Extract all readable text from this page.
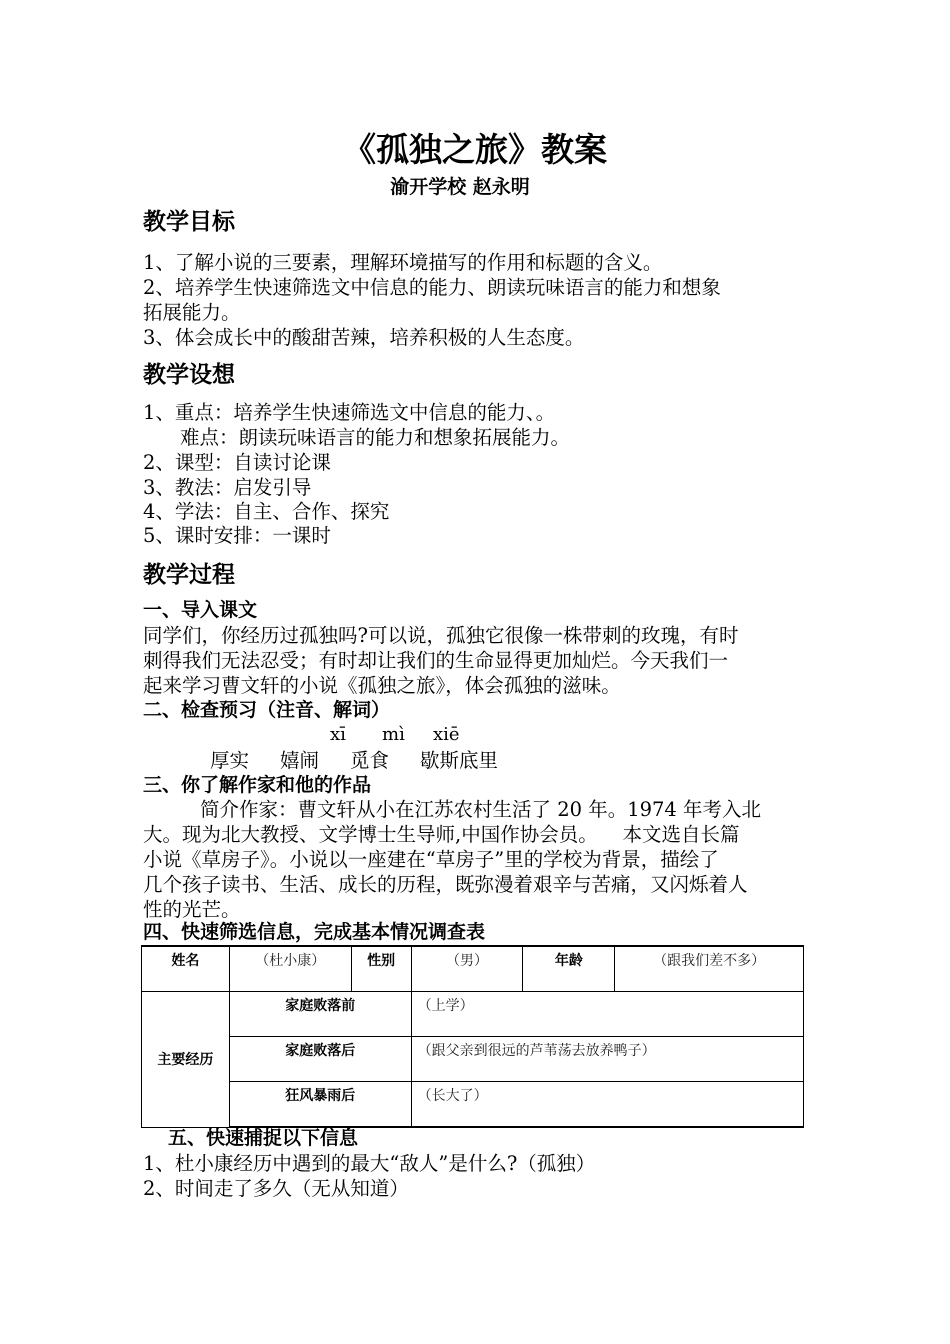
《孤独之旅》教案
渝开学校 赵永明
教学目标
1、了解小说的三要素，理解环境描写的作用和标题的含义。
2、培养学生快速筛选文中信息的能力、朗读玩味语言的能力和想象
拓展能力。
3、体会成长中的酸甜苦辣，培养积极的人生态度。
教学设想
1、重点：培养学生快速筛选文中信息的能力、。
难点：朗读玩味语言的能力和想象拓展能力。
2、课型：自读讨论课
3、教法：启发引导
4、学法：自主、合作、探究
5、课时安排：一课时
教学过程
一、导入课文
同学们，你经历过孤独吗?可以说，孤独它很像一株带刺的玫瑰，有时
刺得我们无法忍受；有时却让我们的生命显得更加灿烂。今天我们一
起来学习曹文轩的小说《孤独之旅》，体会孤独的滋味。
二、检查预习（注音、解词）
xī mì xiē
厚实     嬉闹     觅食     歇斯底里
三、你了解作家和他的作品
简介作家：曹文轩从小在江苏农村生活了 20 年。1974 年考入北
大。现为北大教授、文学博士生导师,中国作协会员。    本文选自长篇
小说《草房子》。小说以一座建在“草房子”里的学校为背景，描绘了
几个孩子读书、生活、成长的历程，既弥漫着艰辛与苦痛，又闪烁着人
性的光芒。
四、快速筛选信息，完成基本情况调查表
姓名	（杜小康）	性别	（男）	年龄	（跟我们差不多）
主要经历	家庭败落前		（上学）		
	家庭败落后		（跟父亲到很远的芦苇荡去放养鸭子）		
	狂风暴雨后		（长大了）		
五、快速捕捉以下信息
1、杜小康经历中遇到的最大“敌人”是什么?（孤独）
2、时间走了多久（无从知道）
